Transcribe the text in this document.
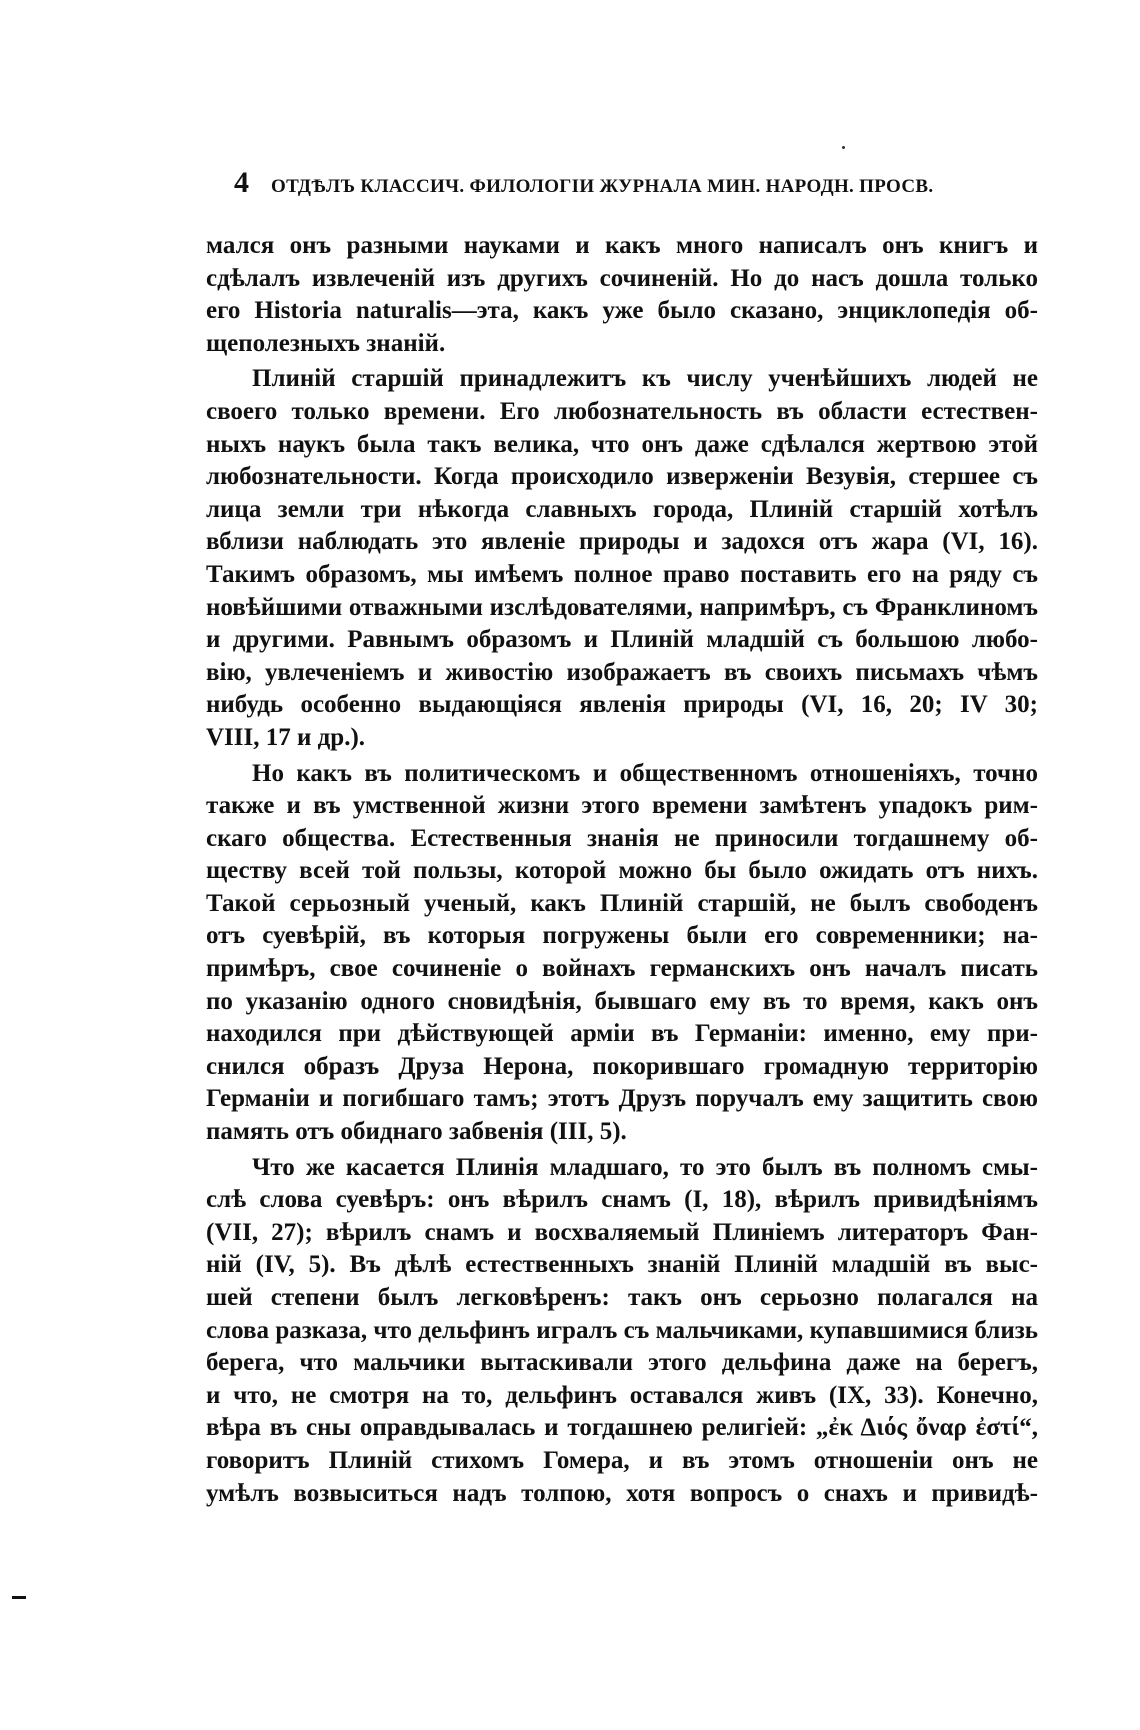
4 ОТДѢЛЪ КЛАССИЧ. ФИЛОЛОГІИ ЖУРНАЛА МИН. НАРОДН. ПРОСВ.
мался онъ разными науками и какъ много написалъ онъ книгъ и
сдѣлалъ извлеченій изъ другихъ сочиненій. Но до насъ дошла только
его Historia naturalis—эта, какъ уже было сказано, энциклопедія об-
щеполезныхъ знаній.
Плиній старшій принадлежитъ къ числу ученѣйшихъ людей не
своего только времени. Его любознательность въ области естествен-
ныхъ наукъ была такъ велика, что онъ даже сдѣлался жертвою этой
любознательности. Когда происходило изверженіи Везувія, стершее съ
лица земли три нѣкогда славныхъ города, Плиній старшій хотѣлъ
вблизи наблюдать это явленіе природы и задохся отъ жара (VI, 16).
Такимъ образомъ, мы имѣемъ полное право поставить его на ряду съ
новѣйшими отважными изслѣдователями, напримѣръ, съ Франклиномъ
и другими. Равнымъ образомъ и Плиній младшій съ большою любо-
вію, увлеченіемъ и живостію изображаетъ въ своихъ письмахъ чѣмъ
нибудь особенно выдающіяся явленія природы (VI, 16, 20; IV 30;
VIII, 17 и др.).
Но какъ въ политическомъ и общественномъ отношеніяхъ, точно
также и въ умственной жизни этого времени замѣтенъ упадокъ рим-
скаго общества. Естественныя знанія не приносили тогдашнему об-
ществу всей той пользы, которой можно бы было ожидать отъ нихъ.
Такой серьозный ученый, какъ Плиній старшій, не былъ свободенъ
отъ суевѣрій, въ которыя погружены были его современники; на-
примѣръ, свое сочиненіе о войнахъ германскихъ онъ началъ писать
по указанію одного сновидѣнія, бывшаго ему въ то время, какъ онъ
находился при дѣйствующей арміи въ Германіи: именно, ему при-
снился образъ Друза Нерона, покорившаго громадную территорію
Германіи и погибшаго тамъ; этотъ Друзъ поручалъ ему защитить свою
память отъ обиднаго забвенія (III, 5).
Что же касается Плинія младшаго, то это былъ въ полномъ смы-
слѣ слова суевѣръ: онъ вѣрилъ снамъ (I, 18), вѣрилъ привидѣніямъ
(VII, 27); вѣрилъ снамъ и восхваляемый Плиніемъ литераторъ Фан-
ній (IV, 5). Въ дѣлѣ естественныхъ знаній Плиній младшій въ выс-
шей степени былъ легковѣренъ: такъ онъ серьозно полагался на
слова разказа, что дельфинъ игралъ съ мальчиками, купавшимися близь
берега, что мальчики вытаскивали этого дельфина даже на берегъ,
и что, не смотря на то, дельфинъ оставался живъ (IX, 33). Конечно,
вѣра въ сны оправдывалась и тогдашнею религіей: „ἐκ Διός ὄναρ ἐστί“,
говоритъ Плиній стихомъ Гомера, и въ этомъ отношеніи онъ не
умѣлъ возвыситься надъ толпою, хотя вопросъ о снахъ и привидѣ-
